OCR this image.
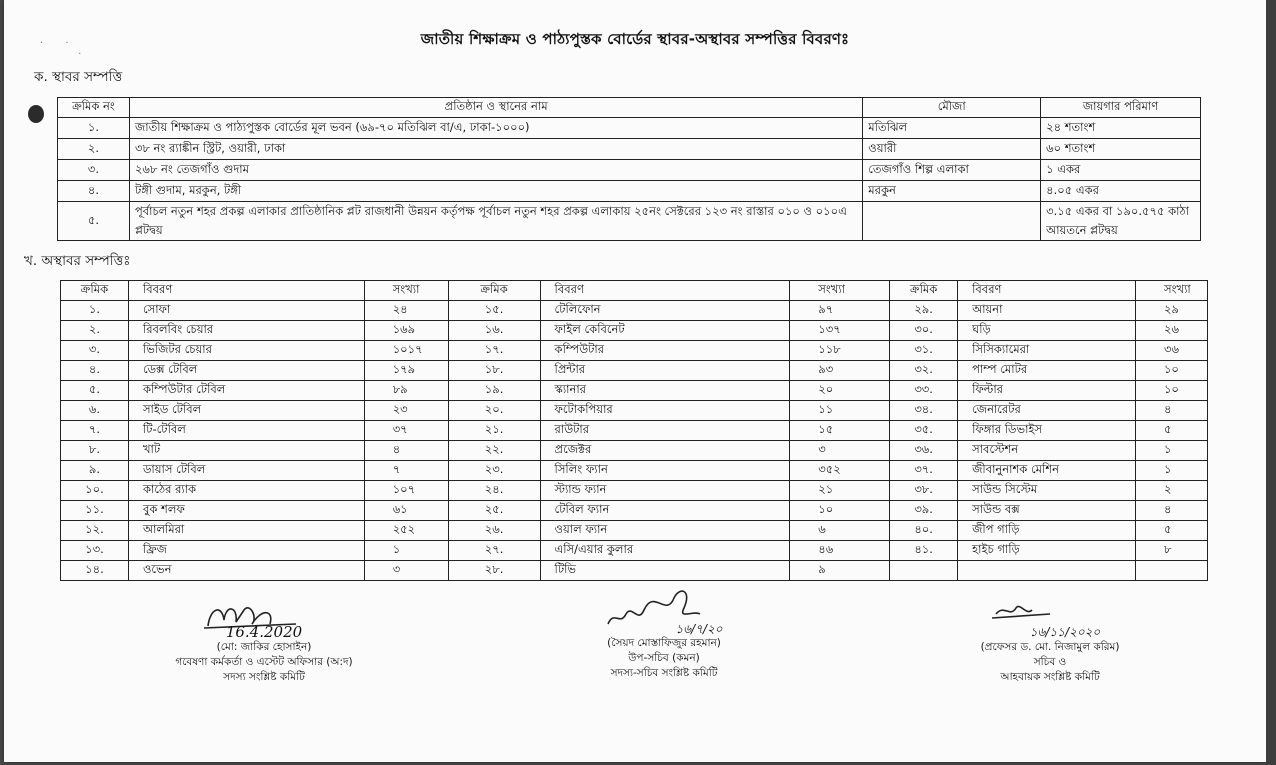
·       ·
·
জাতীয় শিক্ষাক্রম ও পাঠ্যপুস্তক বোর্ডের স্থাবর-অস্থাবর সম্পত্তির বিবরণঃ
ক. স্থাবর সম্পত্তি
ক্রমিক নং	প্রতিষ্ঠান ও স্থানের নাম	মৌজা	জায়গার পরিমাণ
১.	জাতীয় শিক্ষাক্রম ও পাঠ্যপুস্তক বোর্ডের মূল ভবন (৬৯-৭০ মতিঝিল বা/এ, ঢাকা-১০০০)	মতিঝিল	২৪ শতাংশ
২.	৩৮ নং র‌্যাঙ্কীন স্ট্রিট, ওয়ারী, ঢাকা	ওয়ারী	৬০ শতাংশ
৩.	২৬৮ নং তেজগাঁও গুদাম	তেজগাঁও শিল্প এলাকা	১ একর
৪.	টঙ্গী গুদাম, মরকুন, টঙ্গী	মরকুন	৪.০৫ একর
৫.	পূর্বাচল নতুন শহর প্রকল্প এলাকার প্রাতিষ্ঠানিক প্লট রাজধানী উন্নয়ন কর্তৃপক্ষ পূর্বাচল নতুন শহর প্রকল্প এলাকায় ২৫নং সেক্টরের ১২৩ নং রাস্তার ০১০ ও ০১০এ প্লটদ্বয়		৩.১৫ একর বা ১৯০.৫৭৫ কাঠা আয়তনে প্লটদ্বয়
খ. অস্থাবর সম্পত্তিঃ
ক্রমিক	বিবরণ	সংখ্যা	ক্রমিক	বিবরণ	সংখ্যা	ক্রমিক	বিবরণ	সংখ্যা
১.	সোফা	২৪	১৫.	টেলিফোন	৯৭	২৯.	আয়না	২৯
২.	রিবলবিং চেয়ার	১৬৯	১৬.	ফাইল কেবিনেট	১৩৭	৩০.	ঘড়ি	২৬
৩.	ভিজিটর চেয়ার	১০১৭	১৭.	কম্পিউটার	১১৮	৩১.	সিসিক্যামেরা	৩৬
৪.	ডেক্স টেবিল	১৭৯	১৮.	প্রিন্টার	৯৩	৩২.	পাম্প মোটর	১০
৫.	কম্পিউটার টেবিল	৮৯	১৯.	স্ক্যানার	২০	৩৩.	ফিল্টার	১০
৬.	সাইড টেবিল	২৩	২০.	ফটোকপিয়ার	১১	৩৪.	জেনারেটর	৪
৭.	টি-টেবিল	৩৭	২১.	রাউটার	১৫	৩৫.	ফিঙ্গার ডিভাইস	৫
৮.	খাট	৪	২২.	প্রজেক্টর	৩	৩৬.	সাবস্টেশন	১
৯.	ডায়াস টেবিল	৭	২৩.	সিলিং ফ্যান	৩৫২	৩৭.	জীবানুনাশক মেশিন	১
১০.	কাঠের র‌্যাক	১০৭	২৪.	স্ট্যান্ড ফ্যান	২১	৩৮.	সাউন্ড সিস্টেম	২
১১.	বুক শলফ	৬১	২৫.	টেবিল ফ্যান	১০	৩৯.	সাউন্ড বক্স	৪
১২.	আলমিরা	২৫২	২৬.	ওয়াল ফ্যান	৬	৪০.	জীপ গাড়ি	৫
১৩.	ফ্রিজ	১	২৭.	এসি/এয়ার কুলার	৪৬	৪১.	হাইচ গাড়ি	৮
১৪.	ওভেন	৩	২৮.	টিভি	৯			
16.4.2020
(মো: জাকির হোসাইন)
গবেষণা কর্মকর্তা ও এস্টেট অফিসার (অ:দ)
সদস্য সংশ্লিষ্ট কমিটি
১৬/৭/২০
(সৈয়দ মোস্তাফিজুর রহমান)
উপ-সচিব (কমন)
সদস্য-সচিব সংশ্লিষ্ট কমিটি
১৬/১১/২০২০
(প্রফেসর ড. মো. নিজামুল করিম)
সচিব ও
আহবায়ক সংশ্লিষ্ট কমিটি
